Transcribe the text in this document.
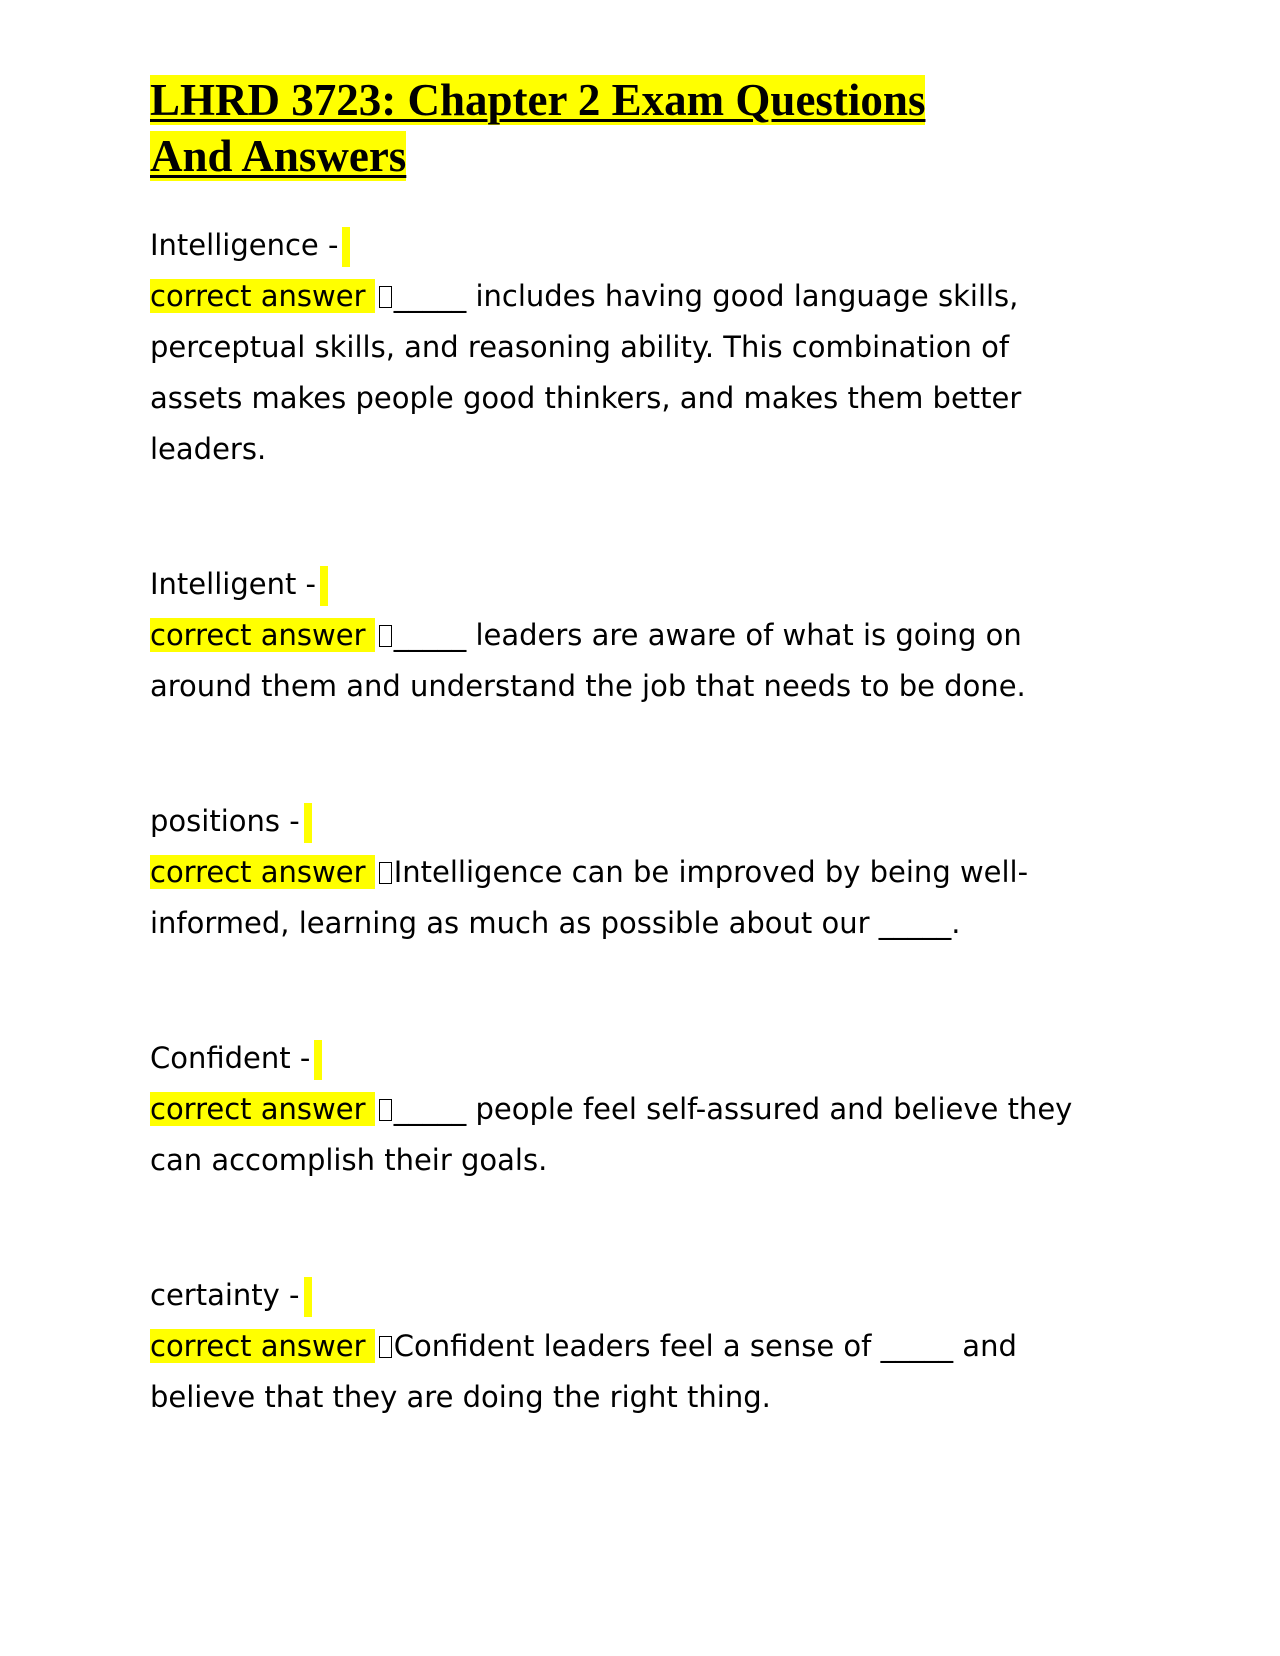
LHRD 3723: Chapter 2 Exam Questions
And Answers
Intelligence -
correct answer _____ includes having good language skills, perceptual skills, and reasoning ability. This combination of assets makes people good thinkers, and makes them better leaders.
Intelligent -
correct answer _____ leaders are aware of what is going on around them and understand the job that needs to be done.
positions -
correct answer Intelligence can be improved by being well-informed, learning as much as possible about our _____.
Confident -
correct answer _____ people feel self-assured and believe they can accomplish their goals.
certainty -
correct answer Confident leaders feel a sense of _____ and believe that they are doing the right thing.
